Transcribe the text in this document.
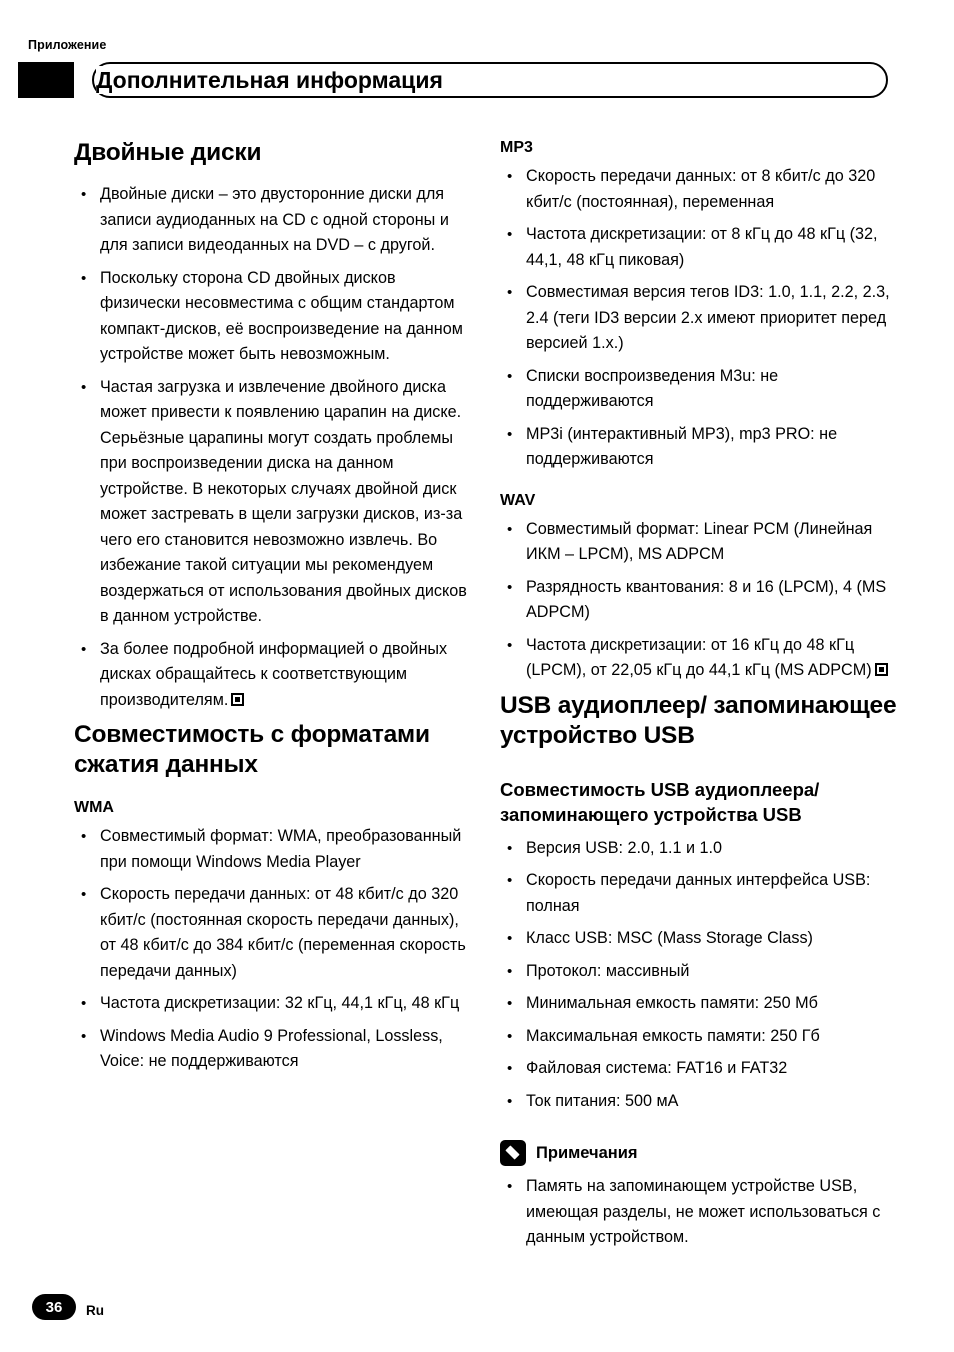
Приложение
Дополнительная информация
Двойные диски
• Двойные диски – это двусторонние диски для записи аудиоданных на CD с одной стороны и для записи видеоданных на DVD – с другой.
• Поскольку сторона CD двойных дисков физически несовместима с общим стандартом компакт-дисков, её воспроизведение на данном устройстве может быть невозможным.
• Частая загрузка и извлечение двойного диска может привести к появлению царапин на диске. Серьёзные царапины могут создать проблемы при воспроизведении диска на данном устройстве. В некоторых случаях двойной диск может застревать в щели загрузки дисков, из-за чего его становится невозможно извлечь. Во избежание такой ситуации мы рекомендуем воздержаться от использования двойных дисков в данном устройстве.
• За более подробной информацией о двойных дисках обращайтесь к соответствующим производителям.
Совместимость с форматами сжатия данных
WMA
• Совместимый формат: WMA, преобразованный при помощи Windows Media Player
• Скорость передачи данных: от 48 кбит/с до 320 кбит/с (постоянная скорость передачи данных), от 48 кбит/с до 384 кбит/с (переменная скорость передачи данных)
• Частота дискретизации: 32 кГц, 44,1 кГц, 48 кГц
• Windows Media Audio 9 Professional, Lossless, Voice: не поддерживаются
MP3
• Скорость передачи данных: от 8 кбит/с до 320 кбит/с (постоянная), переменная
• Частота дискретизации: от 8 кГц до 48 кГц (32, 44,1, 48 кГц пиковая)
• Совместимая версия тегов ID3: 1.0, 1.1, 2.2, 2.3, 2.4 (теги ID3 версии 2.x имеют приоритет перед версией 1.x.)
• Списки воспроизведения M3u: не поддерживаются
• MP3i (интерактивный MP3), mp3 PRO: не поддерживаются
WAV
• Совместимый формат: Linear PCM (Линейная ИКМ – LPCM), MS ADPCM
• Разрядность квантования: 8 и 16 (LPCM), 4 (MS ADPCM)
• Частота дискретизации: от 16 кГц до 48 кГц (LPCM), от 22,05 кГц до 44,1 кГц (MS ADPCM)
USB аудиоплеер/ запоминающее устройство USB
Совместимость USB аудиоплеера/ запоминающего устройства USB
• Версия USB: 2.0, 1.1 и 1.0
• Скорость передачи данных интерфейса USB: полная
• Класс USB: MSC (Mass Storage Class)
• Протокол: массивный
• Минимальная емкость памяти: 250 Мб
• Максимальная емкость памяти: 250 Гб
• Файловая система: FAT16 и FAT32
• Ток питания: 500 мА
Примечания
• Память на запоминающем устройстве USB, имеющая разделы, не может использоваться с данным устройством.
36	Ru
